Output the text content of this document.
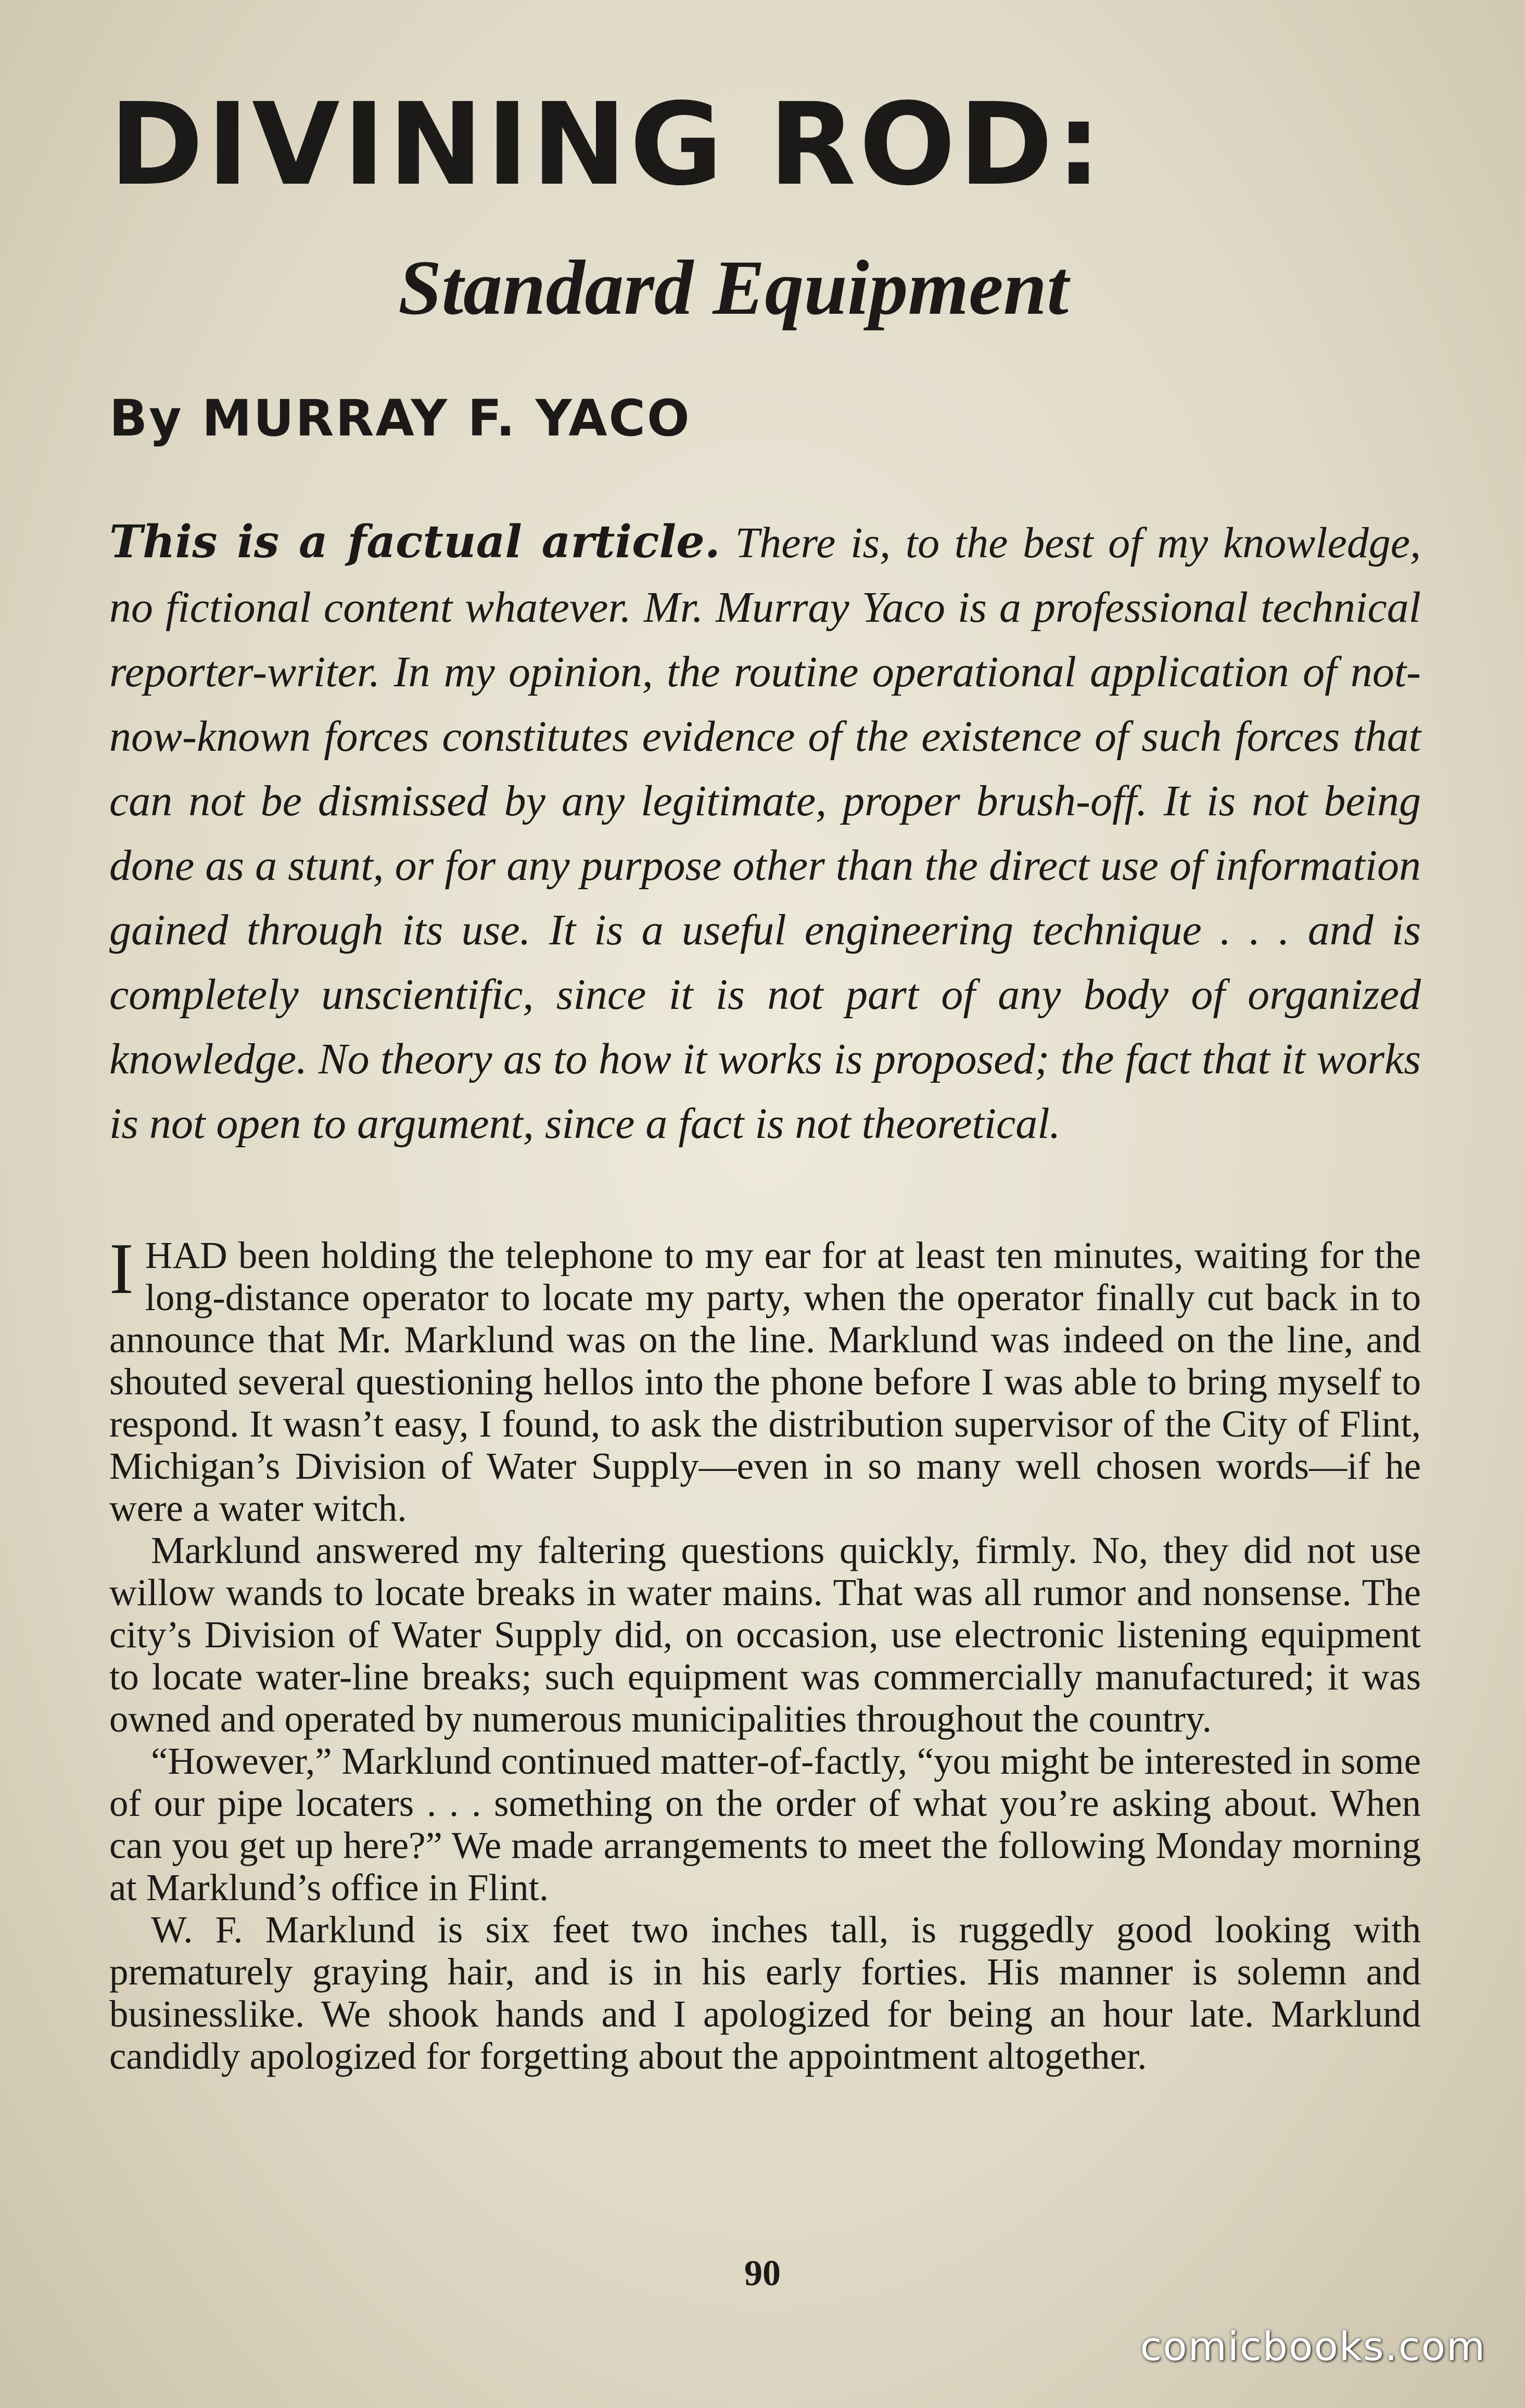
DIVINING ROD:
Standard Equipment
By MURRAY F. YACO

This is a factual article. There is, to the best of my knowledge, no fictional content whatever. Mr. Murray Yaco is a professional technical reporter-writer. In my opinion, the routine operational application of not-now-known forces constitutes evidence of the existence of such forces that can not be dismissed by any legitimate, proper brush-off. It is not being done as a stunt, or for any purpose other than the direct use of information gained through its use. It is a useful engineering technique . . . and is completely unscientific, since it is not part of any body of organized knowledge. No theory as to how it works is proposed; the fact that it works is not open to argument, since a fact is not theoretical.

I HAD been holding the telephone to my ear for at least ten minutes, waiting for the long-distance operator to locate my party, when the operator finally cut back in to announce that Mr. Marklund was on the line. Marklund was indeed on the line, and shouted several questioning hellos into the phone before I was able to bring myself to respond. It wasn’t easy, I found, to ask the distribution supervisor of the City of Flint, Michigan’s Division of Water Supply—even in so many well chosen words—if he were a water witch.

Marklund answered my faltering questions quickly, firmly. No, they did not use willow wands to locate breaks in water mains. That was all rumor and nonsense. The city’s Division of Water Supply did, on occasion, use electronic listening equipment to locate water-line breaks; such equipment was commercially manufactured; it was owned and operated by numerous municipalities throughout the country.

“However,” Marklund continued matter-of-factly, “you might be interested in some of our pipe locaters . . . something on the order of what you’re asking about. When can you get up here?” We made arrangements to meet the following Monday morning at Marklund’s office in Flint.

W. F. Marklund is six feet two inches tall, is ruggedly good looking with prematurely graying hair, and is in his early forties. His manner is solemn and businesslike. We shook hands and I apologized for being an hour late. Marklund candidly apologized for forgetting about the appointment altogether.

90
comicbooks.com
